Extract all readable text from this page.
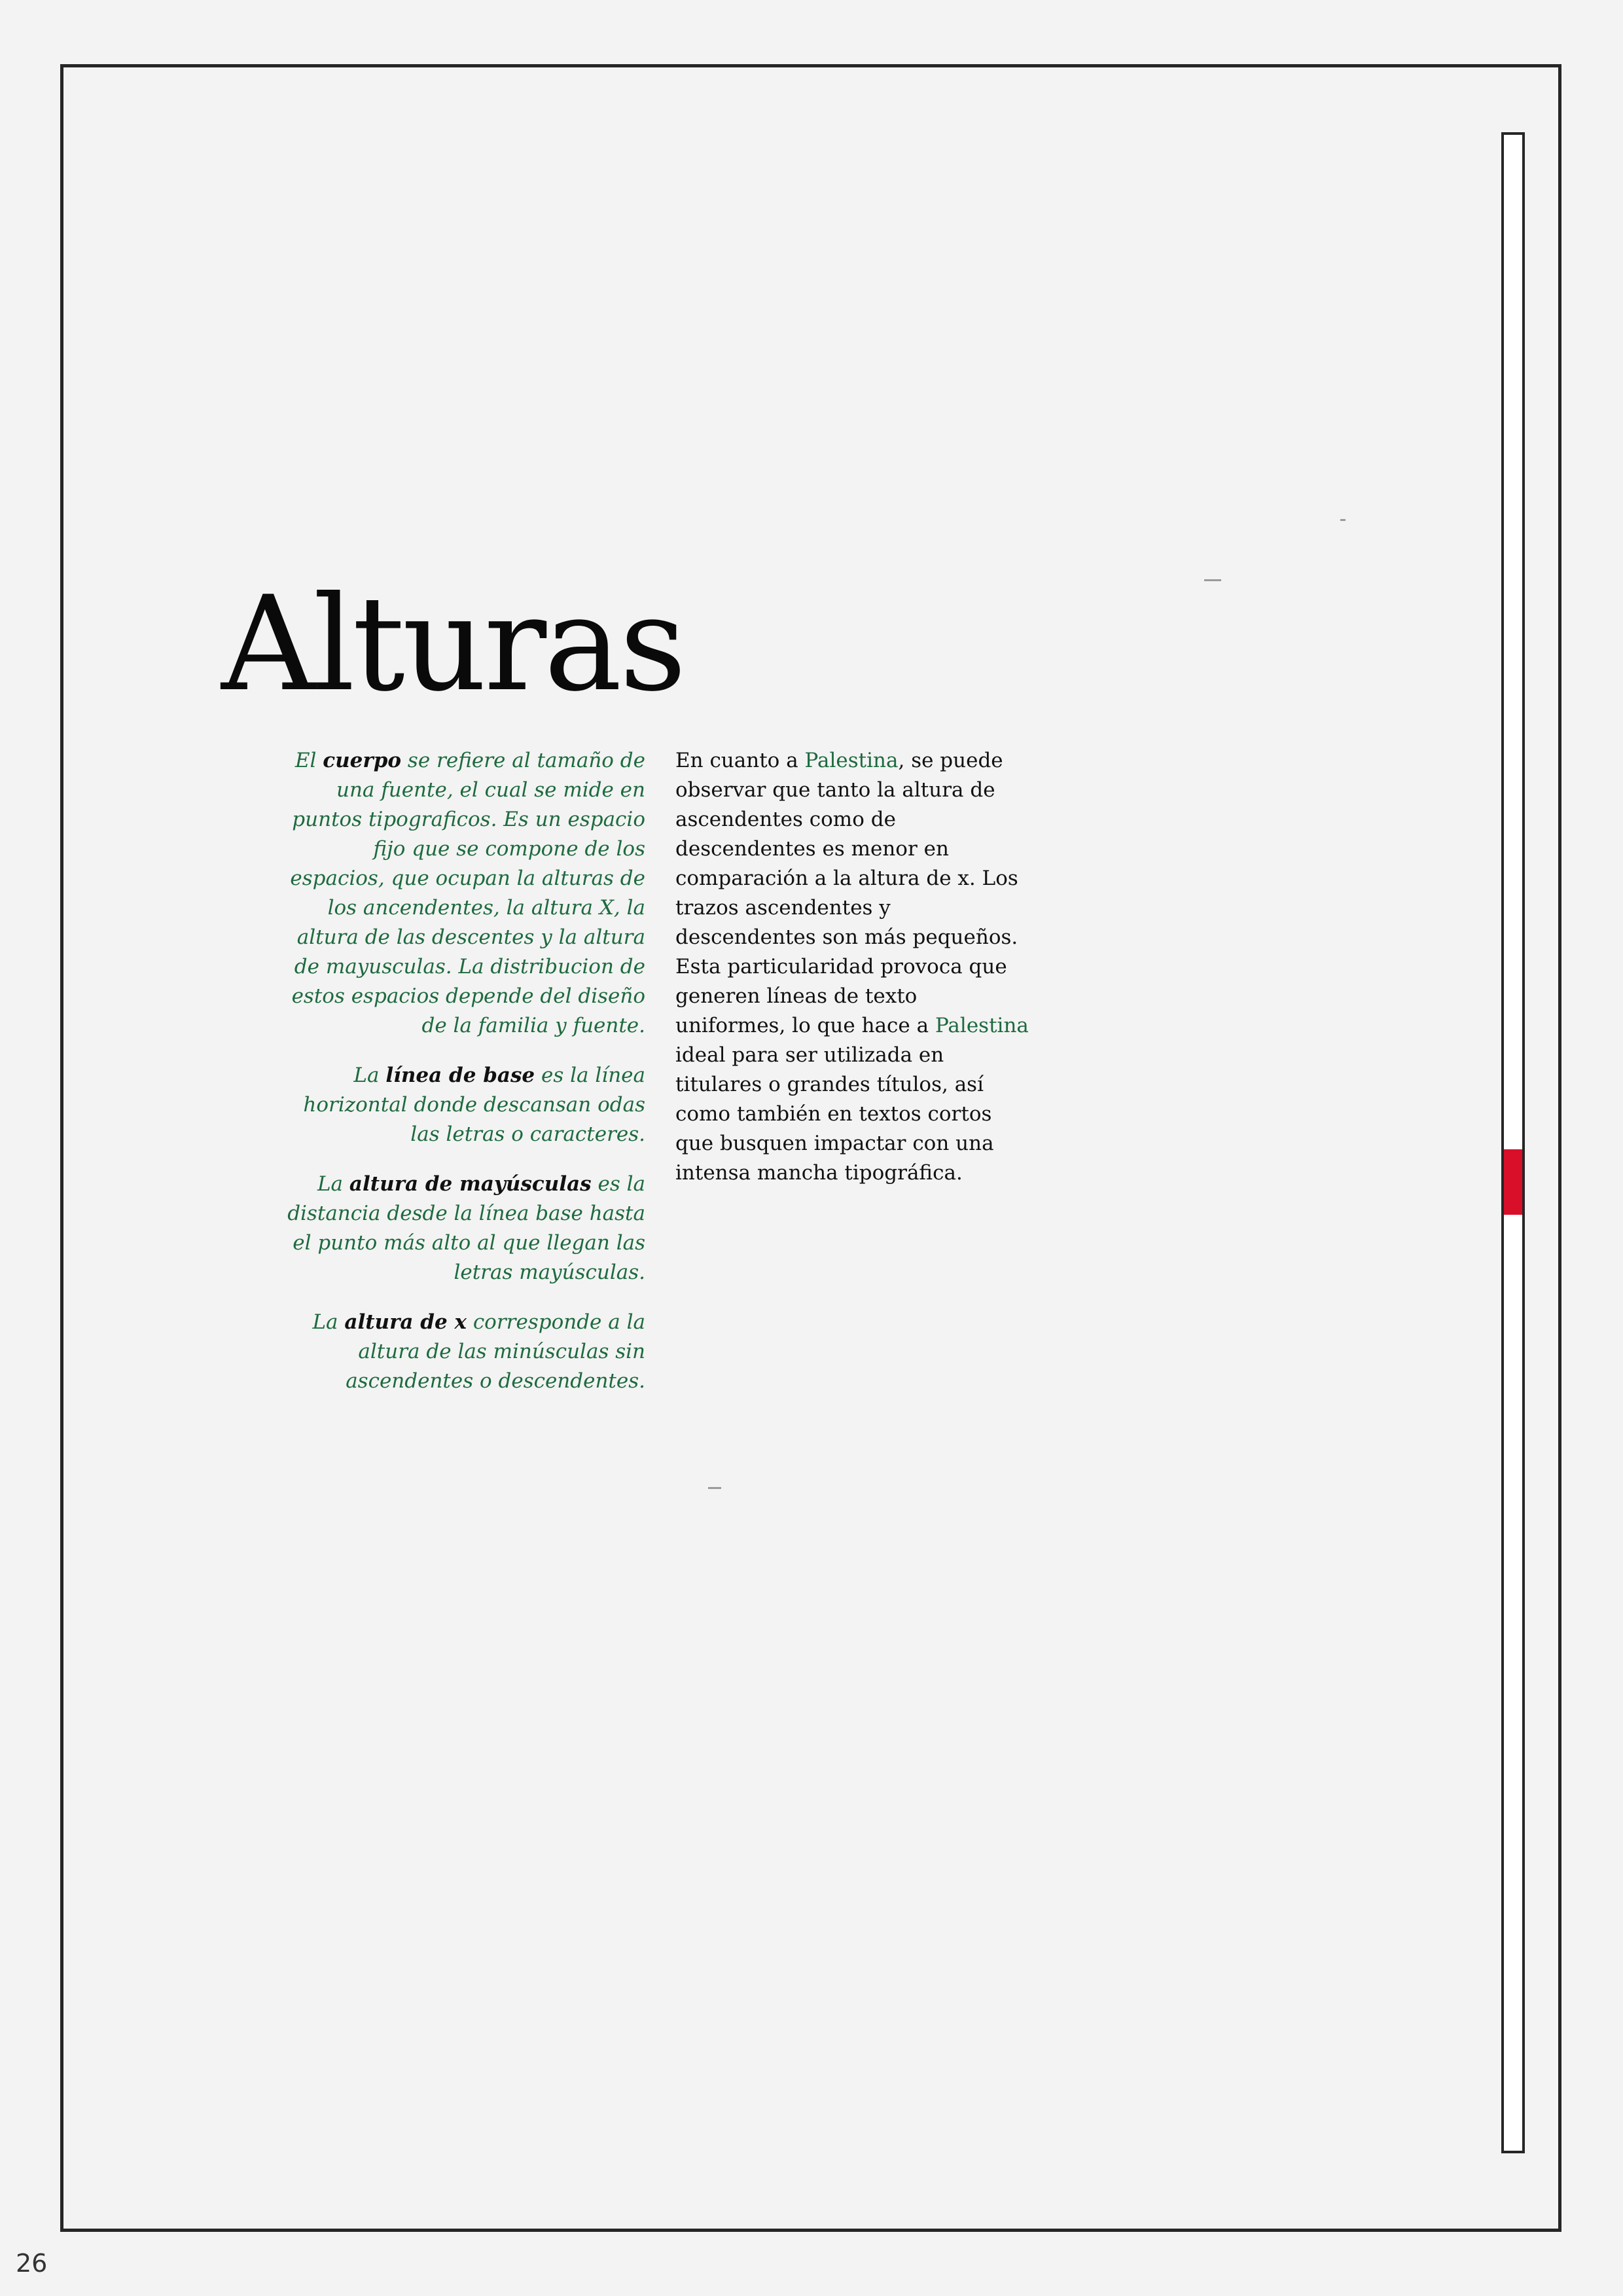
Alturas

El cuerpo se refiere al tamaño de una fuente, el cual se mide en puntos tipograficos. Es un espacio fijo que se compone de los espacios, que ocupan la alturas de los ancendentes, la altura X, la altura de las descentes y la altura de mayusculas. La distribucion de estos espacios depende del diseño de la familia y fuente.

La línea de base es la línea horizontal donde descansan odas las letras o caracteres.

La altura de mayúsculas es la distancia desde la línea base hasta el punto más alto al que llegan las letras mayúsculas.

La altura de x corresponde a la altura de las minúsculas sin ascendentes o descendentes.

En cuanto a Palestina, se puede observar que tanto la altura de ascendentes como de descendentes es menor en comparación a la altura de x. Los trazos ascendentes y descendentes son más pequeños. Esta particularidad provoca que generen líneas de texto uniformes, lo que hace a Palestina ideal para ser utilizada en titulares o grandes títulos, así como también en textos cortos que busquen impactar con una intensa mancha tipográfica.

26
